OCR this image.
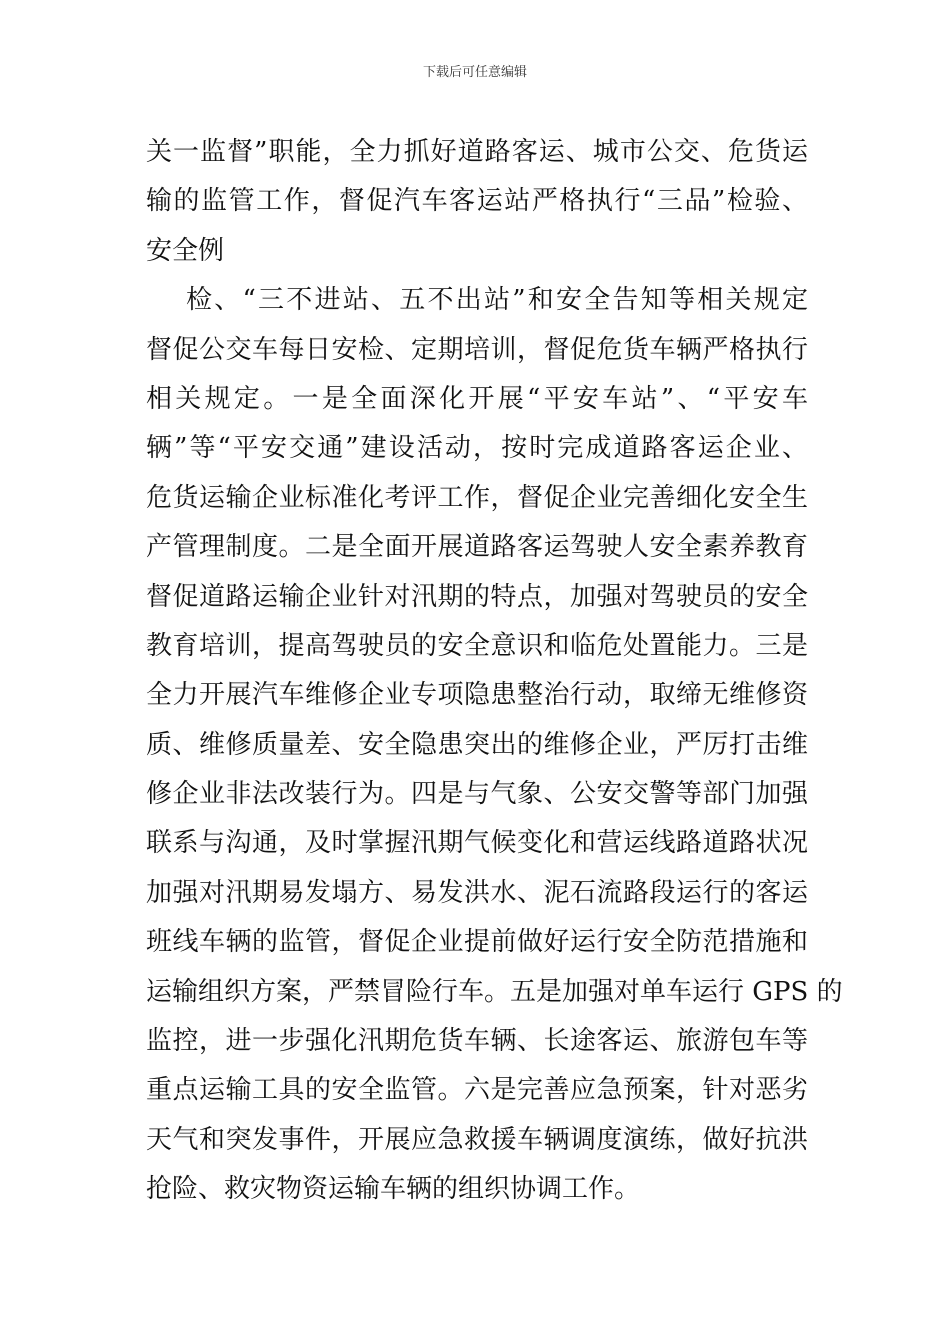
下载后可任意编辑
关一监督”职能，全力抓好道路客运、城市公交、危货运
输的监管工作，督促汽车客运站严格执行“三品”检验、
安全例
检、“三不进站、五不出站”和安全告知等相关规定
督促公交车每日安检、定期培训，督促危货车辆严格执行
相关规定。一是全面深化开展“平安车站”、“平安车
辆”等“平安交通”建设活动，按时完成道路客运企业、
危货运输企业标准化考评工作，督促企业完善细化安全生
产管理制度。二是全面开展道路客运驾驶人安全素养教育
督促道路运输企业针对汛期的特点，加强对驾驶员的安全
教育培训，提高驾驶员的安全意识和临危处置能力。三是
全力开展汽车维修企业专项隐患整治行动，取缔无维修资
质、维修质量差、安全隐患突出的维修企业，严厉打击维
修企业非法改装行为。四是与气象、公安交警等部门加强
联系与沟通，及时掌握汛期气候变化和营运线路道路状况
加强对汛期易发塌方、易发洪水、泥石流路段运行的客运
班线车辆的监管，督促企业提前做好运行安全防范措施和
运输组织方案，严禁冒险行车。五是加强对单车运行 GPS 的
监控，进一步强化汛期危货车辆、长途客运、旅游包车等
重点运输工具的安全监管。六是完善应急预案，针对恶劣
天气和突发事件，开展应急救援车辆调度演练，做好抗洪
抢险、救灾物资运输车辆的组织协调工作。
